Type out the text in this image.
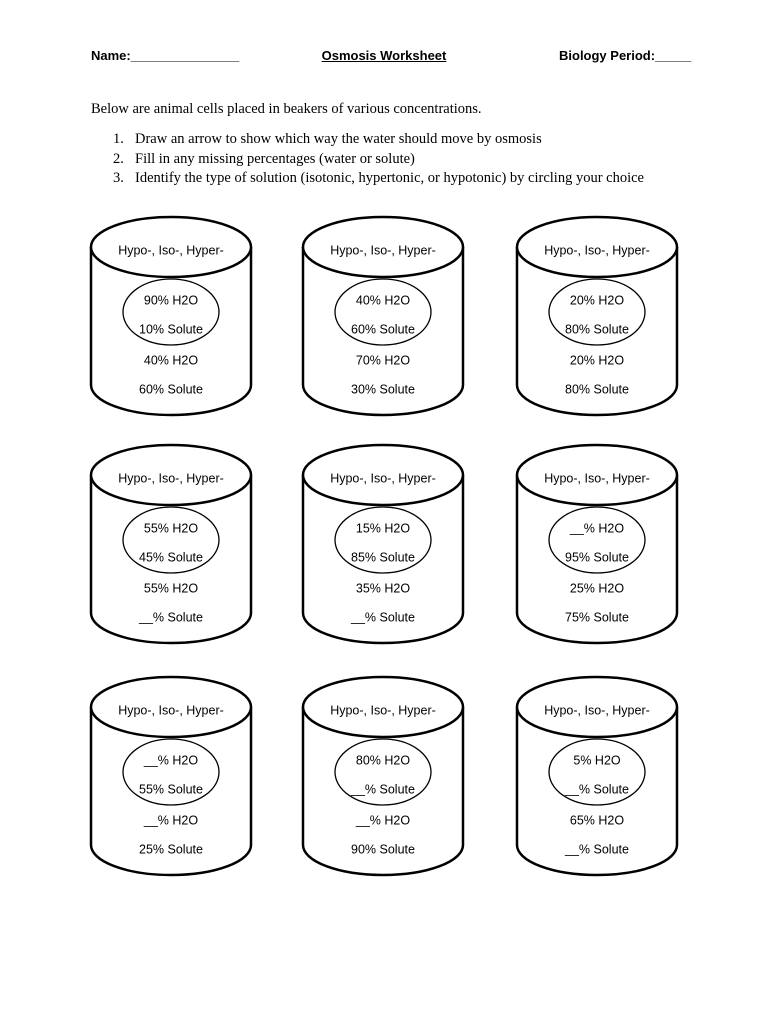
Name:_______________	Osmosis Worksheet	Biology Period:_____
Below are animal cells placed in beakers of various concentrations.
1. Draw an arrow to show which way the water should move by osmosis
2. Fill in any missing percentages (water or solute)
3. Identify the type of solution (isotonic, hypertonic, or hypotonic) by circling your choice
Hypo-, Iso-, Hyper-
90% H2O
10% Solute
40% H2O
60% Solute
Hypo-, Iso-, Hyper-
40% H2O
60% Solute
70% H2O
30% Solute
Hypo-, Iso-, Hyper-
20% H2O
80% Solute
20% H2O
80% Solute
Hypo-, Iso-, Hyper-
55% H2O
45% Solute
55% H2O
__% Solute
Hypo-, Iso-, Hyper-
15% H2O
85% Solute
35% H2O
__% Solute
Hypo-, Iso-, Hyper-
__% H2O
95% Solute
25% H2O
75% Solute
Hypo-, Iso-, Hyper-
__% H2O
55% Solute
__% H2O
25% Solute
Hypo-, Iso-, Hyper-
80% H2O
__% Solute
__% H2O
90% Solute
Hypo-, Iso-, Hyper-
5% H2O
__% Solute
65% H2O
__% Solute
